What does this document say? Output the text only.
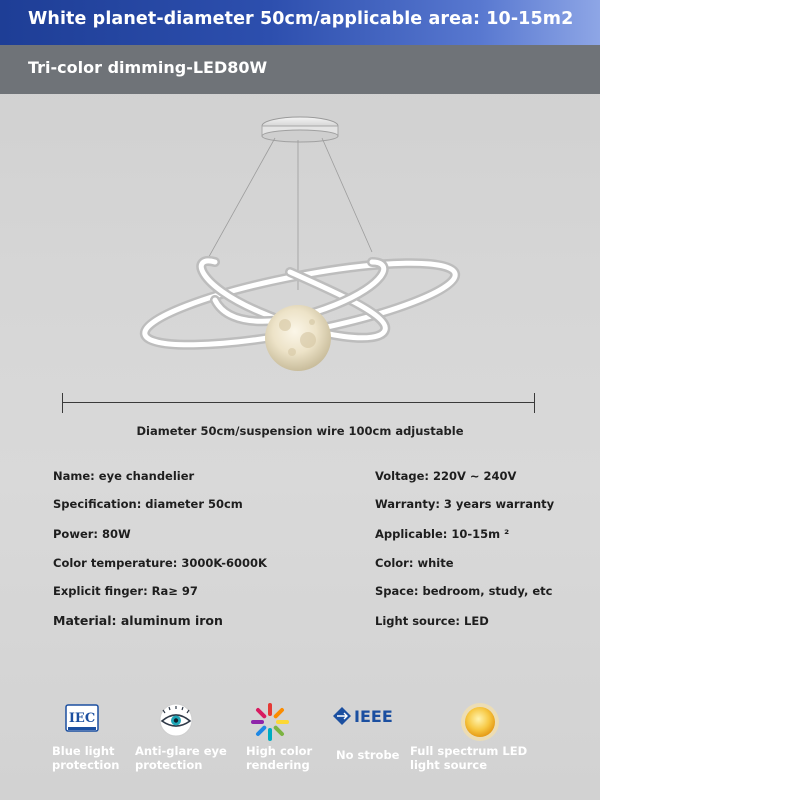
White planet-diameter 50cm/applicable area: 10-15m2
Tri-color dimming-LED80W
Diameter 50cm/suspension wire 100cm adjustable
Name: eye chandelier
Specification: diameter 50cm
Power: 80W
Color temperature: 3000K-6000K
Explicit finger: Ra≥ 97
Material: aluminum iron
Voltage: 220V ~ 240V
Warranty: 3 years warranty
Applicable: 10-15m ²
Color: white
Space: bedroom, study, etc
Light source: LED
IEC
Blue light protection
Anti-glare eye protection
High color rendering
IEEE
No strobe Full spectrum LED light source
